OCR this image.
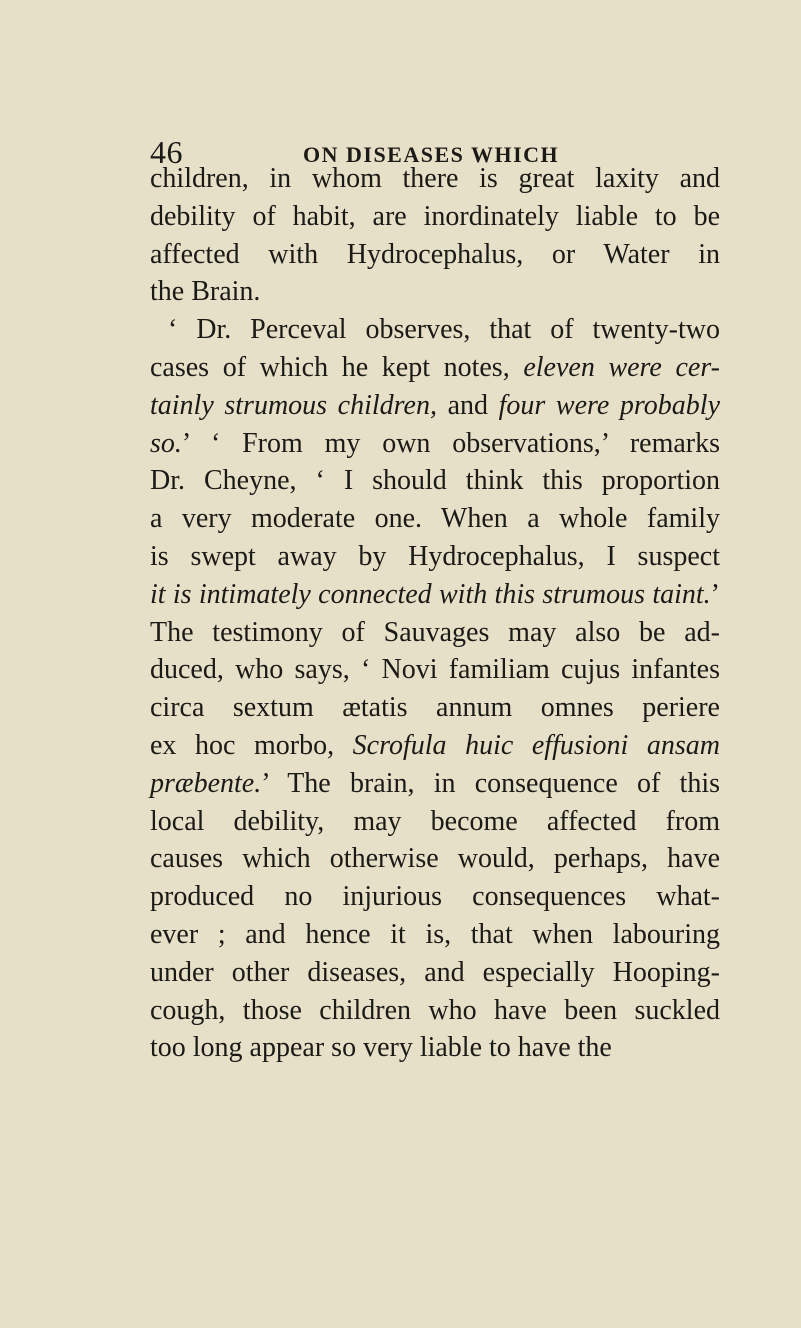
46	ON DISEASES WHICH
children, in whom there is great laxity and
debility of habit, are inordinately liable to be
affected with Hydrocephalus, or Water in
the Brain.
‘ Dr. Perceval observes, that of twenty-two
cases of which he kept notes, eleven were cer-
tainly strumous children, and four were probably
so.’ ‘ From my own observations,’ remarks
Dr. Cheyne, ‘ I should think this proportion
a very moderate one. When a whole family
is swept away by Hydrocephalus, I suspect
it is intimately connected with this strumous taint.’
The testimony of Sauvages may also be ad-
duced, who says, ‘ Novi familiam cujus infantes
circa sextum ætatis annum omnes periere
ex hoc morbo, Scrofula huic effusioni ansam
præbente.’ The brain, in consequence of this
local debility, may become affected from
causes which otherwise would, perhaps, have
produced no injurious consequences what-
ever ; and hence it is, that when labouring
under other diseases, and especially Hooping-
cough, those children who have been suckled
too long appear so very liable to have the
